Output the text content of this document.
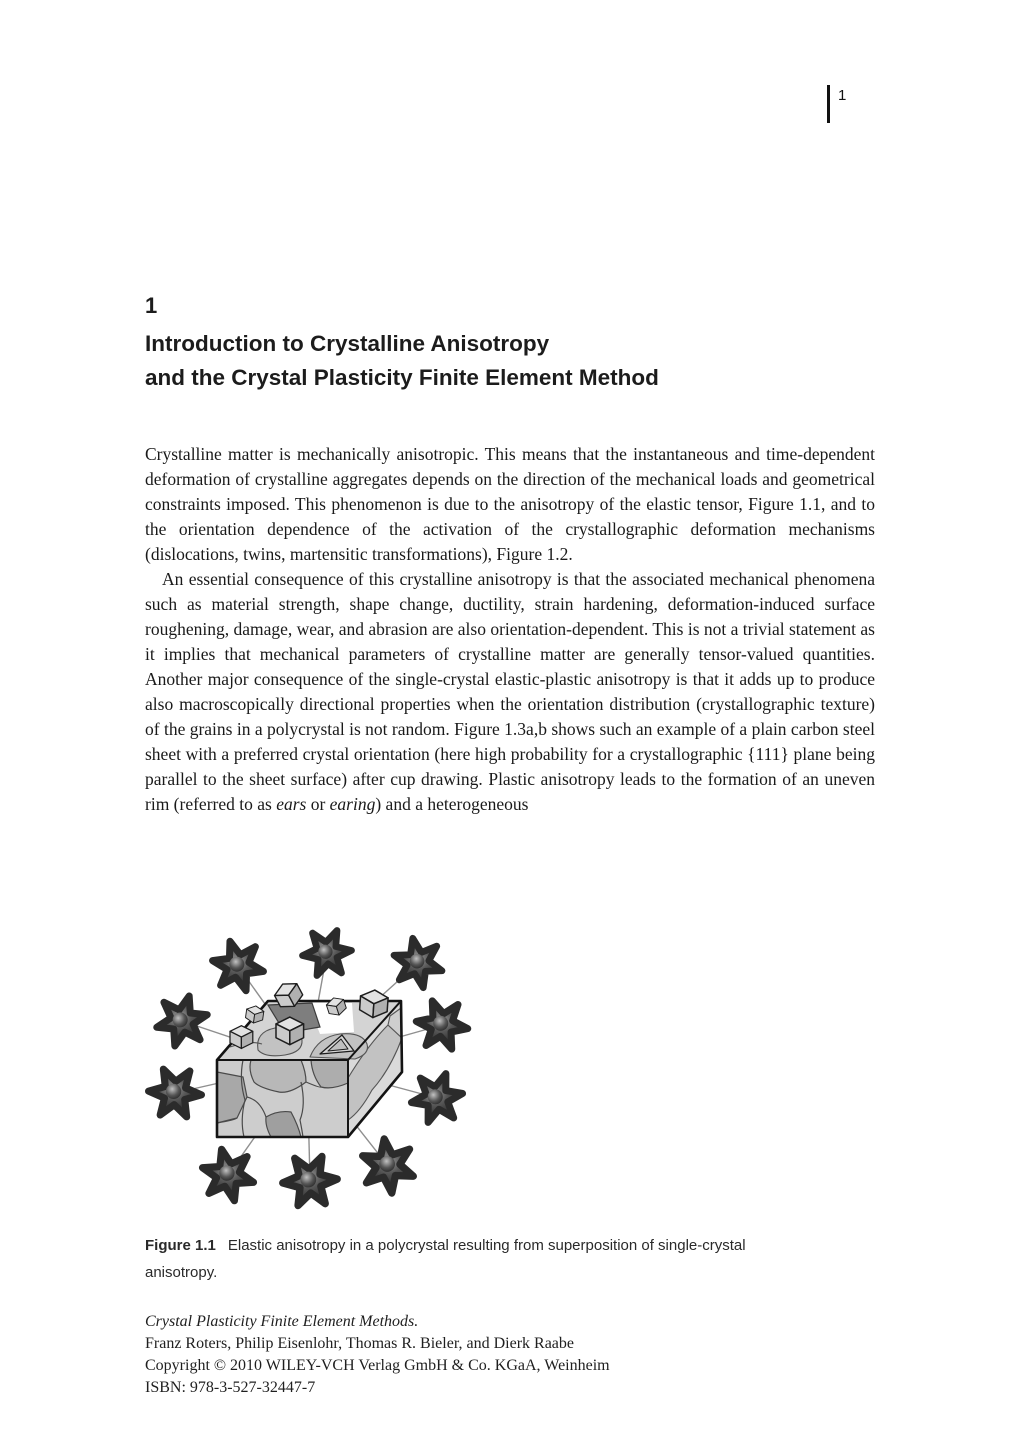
1
1
Introduction to Crystalline Anisotropy
and the Crystal Plasticity Finite Element Method

Crystalline matter is mechanically anisotropic. This means that the instantaneous and time-dependent deformation of crystalline aggregates depends on the direction of the mechanical loads and geometrical constraints imposed. This phenomenon is due to the anisotropy of the elastic tensor, Figure 1.1, and to the orientation dependence of the activation of the crystallographic deformation mechanisms (dislocations, twins, martensitic transformations), Figure 1.2.

An essential consequence of this crystalline anisotropy is that the associated mechanical phenomena such as material strength, shape change, ductility, strain hardening, deformation-induced surface roughening, damage, wear, and abrasion are also orientation-dependent. This is not a trivial statement as it implies that mechanical parameters of crystalline matter are generally tensor-valued quantities. Another major consequence of the single-crystal elastic-plastic anisotropy is that it adds up to produce also macroscopically directional properties when the orientation distribution (crystallographic texture) of the grains in a polycrystal is not random. Figure 1.3a,b shows such an example of a plain carbon steel sheet with a preferred crystal orientation (here high probability for a crystallographic {111} plane being parallel to the sheet surface) after cup drawing. Plastic anisotropy leads to the formation of an uneven rim (referred to as ears or earing) and a heterogeneous

Figure 1.1 Elastic anisotropy in a polycrystal resulting from superposition of single-crystal anisotropy.
Crystal Plasticity Finite Element Methods.
Franz Roters, Philip Eisenlohr, Thomas R. Bieler, and Dierk Raabe
Copyright © 2010 WILEY-VCH Verlag GmbH & Co. KGaA, Weinheim
ISBN: 978-3-527-32447-7
